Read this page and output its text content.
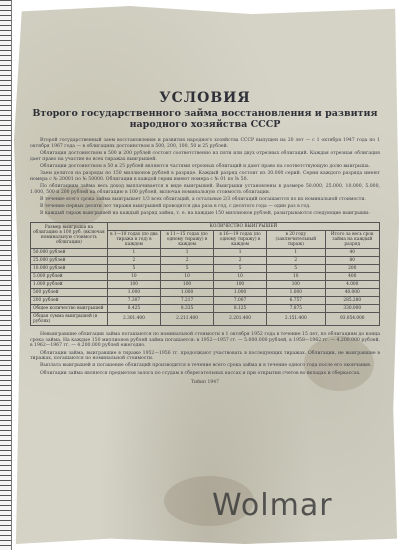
УСЛОВИЯ
Второго государственного займа восстановления и развития
народного хозяйства СССР

Второй государственный заем восстановления и развития народного хозяйства СССР выпущен на 20 лет — с 1 октября 1947 года по 1 октября 1967 года — в облигациях достоинством в 500, 200, 100, 50 и 25 рублей.

Облигация достоинством в 500 и 200 рублей состоит соответственно из пяти или двух отрезных облигаций. Каждая отрезная облигация дает право на участие во всех тиражах выигрышей.

Облигации достоинством в 50 и 25 рублей являются частями отрезных облигаций и дают право на соответствующую долю выигрыша.

Заем делится на разряды по 150 миллионов рублей в разряде. Каждый разряд состоит из 30.000 серий. Серии каждого разряда имеют номера с № 20001 по № 50000. Облигации в каждой серии имеют номера с № 01 по № 50.

По облигациям займа весь доход выплачивается в виде выигрышей. Выигрыши установлены в размере 50.000, 25.000, 10.000, 5.000, 1.000, 500 и 200 рублей на облигацию в 100 рублей, включая номинальную стоимость облигации.

В течение всего срока займа выигрывает 1/3 всех облигаций, а остальные 2/3 облигаций погашаются по их номинальной стоимости.

В течение первых десяти лет тиражи выигрышей проводятся два раза в год, с десятого года — один раз в год.

В каждый тираж выигрышей на каждый разряд займа, т. е. на каждые 150 миллионов рублей, разыгрываются следующие выигрыши:

Размер выигрыша на облигацию в 100 руб. (включая номинальную стоимость облигации)	КОЛИЧЕСТВО ВЫИГРЫШЕЙ				
	в 1—10 годах (по два тиража в год) в каждом	в 11—15 годах (по одному тиражу) в каждом	в 16—19 годах (по одному тиражу) в каждом	в 20 году (заключительный тираж)	Итого за весь срок займа на каждый разряд
50.000 рублей	1	1	1	1	40
25.000 рублей	2	2	2	2	80
10.000 рублей	5	5	5	5	200
5.000 рублей	10	10	10	10	400
1.000 рублей	100	100	100	100	4.000
500 рублей	1.000	1.000	1.000	1.000	40.000
200 рублей	7.307	7.217	7.007	6.757	285.280
Общее количество выигрышей	8.425	8.335	8.125	7.875	330.000
Общая сумма выигрышей (в рублях)	2.301.400	2.211.400	2.201.400	2.151.400	93.054.000

Невыигравшие облигации займа погашаются по номинальной стоимости в 1 октября 1952 года в течение 15 лет, по облигациям до конца срока займа. На каждые 150 миллионов рублей займа погашается: в 1952—1957 гг. — 5.000.000 рублей, в 1958—1962 гг. — 4.200.000 рублей, в 1962—1967 гг. — 4.200.000 рублей ежегодно.

Облигации займа, выигравшие в тираже 1952—1956 гг. продолжают участвовать в последующих тиражах. Облигации, не выигравшие в тиражах, погашаются по номинальной стоимости.

Выплата выигрышей и погашение облигаций производится в течение всего срока займа и в течение одного года после его окончания.

Облигации займа являются предметом залога по ссудам в сберегательных кассах и при открытии счетов во вкладах и сберкассах.

Тийип 1947
Wolmar
